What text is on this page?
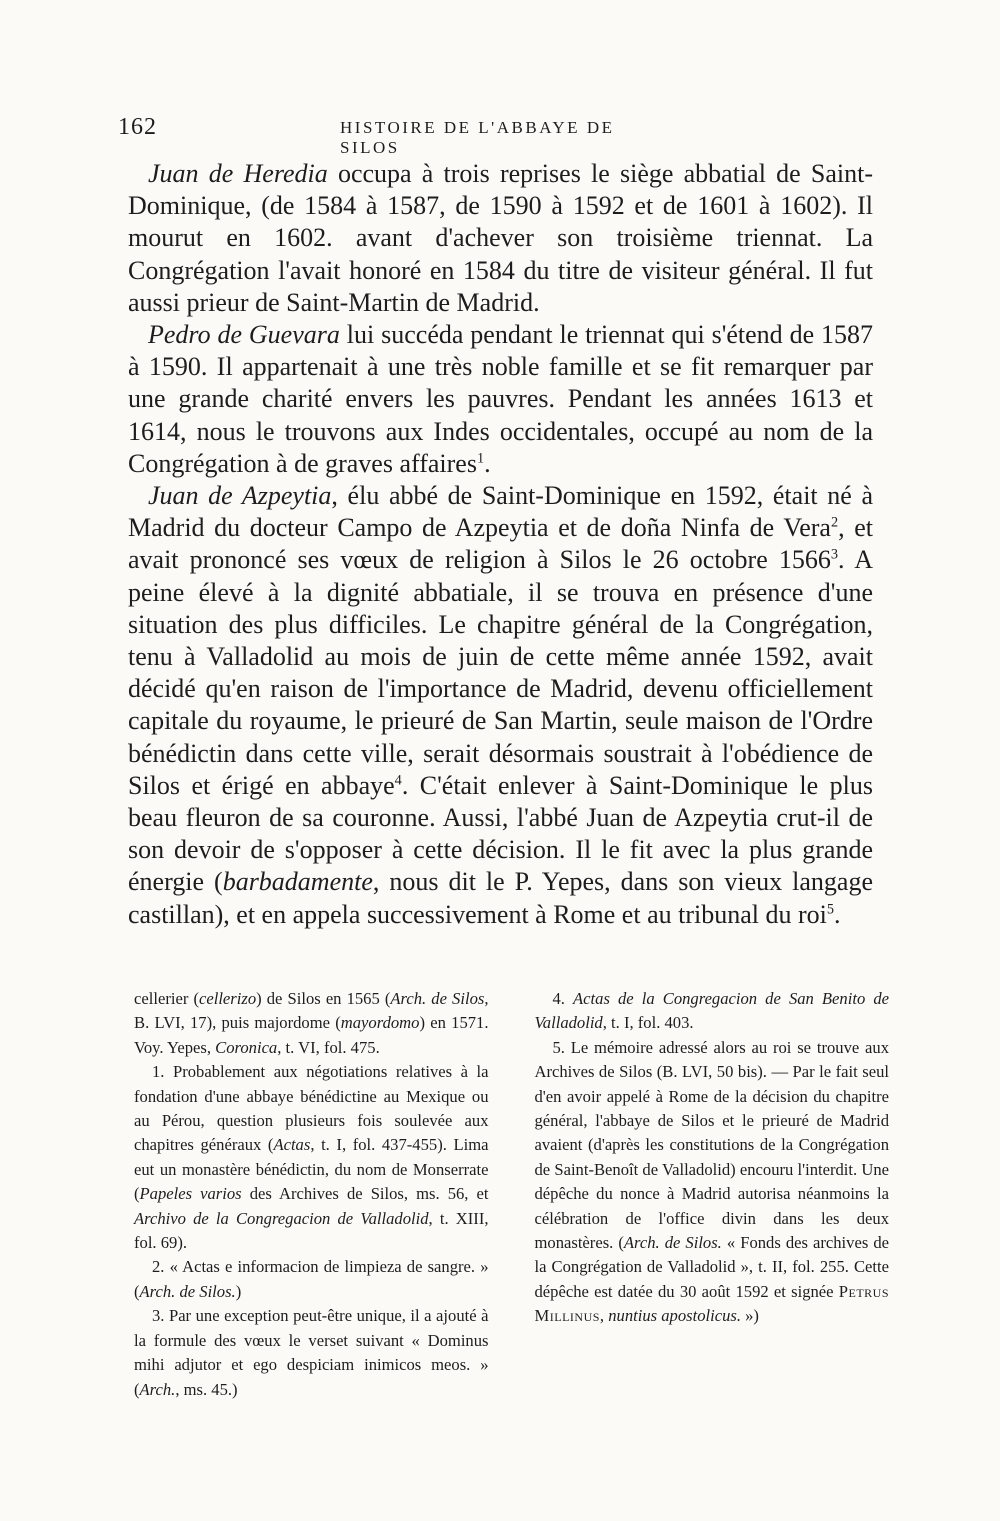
162	HISTOIRE DE L'ABBAYE DE SILOS

Juan de Heredia occupa à trois reprises le siège abbatial de Saint-Dominique, (de 1584 à 1587, de 1590 à 1592 et de 1601 à 1602). Il mourut en 1602. avant d'achever son troisième triennat. La Congrégation l'avait honoré en 1584 du titre de visiteur général. Il fut aussi prieur de Saint-Martin de Madrid.

Pedro de Guevara lui succéda pendant le triennat qui s'étend de 1587 à 1590. Il appartenait à une très noble famille et se fit remarquer par une grande charité envers les pauvres. Pendant les années 1613 et 1614, nous le trouvons aux Indes occidentales, occupé au nom de la Congrégation à de graves affaires$^1$.

Juan de Azpeytia, élu abbé de Saint-Dominique en 1592, était né à Madrid du docteur Campo de Azpeytia et de doña Ninfa de Vera$^2$, et avait prononcé ses vœux de religion à Silos le 26 octobre 1566$^3$. A peine élevé à la dignité abbatiale, il se trouva en présence d'une situation des plus difficiles. Le chapitre général de la Congrégation, tenu à Valladolid au mois de juin de cette même année 1592, avait décidé qu'en raison de l'importance de Madrid, devenu officiellement capitale du royaume, le prieuré de San Martin, seule maison de l'Ordre bénédictin dans cette ville, serait désormais soustrait à l'obédience de Silos et érigé en abbaye$^4$. C'était enlever à Saint-Dominique le plus beau fleuron de sa couronne. Aussi, l'abbé Juan de Azpeytia crut-il de son devoir de s'opposer à cette décision. Il le fit avec la plus grande énergie (barbadamente, nous dit le P. Yepes, dans son vieux langage castillan), et en appela successivement à Rome et au tribunal du roi$^5$.

cellerier (cellerizo) de Silos en 1565 (Arch. de Silos, B. LVI, 17), puis majordome (mayordomo) en 1571. Voy. Yepes, Coronica, t. VI, fol. 475.

1. Probablement aux négotiations relatives à la fondation d'une abbaye bénédictine au Mexique ou au Pérou, question plusieurs fois soulevée aux chapitres généraux (Actas, t. I, fol. 437-455). Lima eut un monastère bénédictin, du nom de Monserrate (Papeles varios des Archives de Silos, ms. 56, et Archivo de la Congregacion de Valladolid, t. XIII, fol. 69).

2. « Actas e informacion de limpieza de sangre. » (Arch. de Silos.)

3. Par une exception peut-être unique, il a ajouté à la formule des vœux le verset suivant « Dominus mihi adjutor et ego despiciam inimicos meos. » (Arch., ms. 45.)

4. Actas de la Congregacion de San Benito de Valladolid, t. I, fol. 403.

5. Le mémoire adressé alors au roi se trouve aux Archives de Silos (B. LVI, 50 bis). — Par le fait seul d'en avoir appelé à Rome de la décision du chapitre général, l'abbaye de Silos et le prieuré de Madrid avaient (d'après les constitutions de la Congrégation de Saint-Benoît de Valladolid) encouru l'interdit. Une dépêche du nonce à Madrid autorisa néanmoins la célébration de l'office divin dans les deux monastères. (Arch. de Silos. « Fonds des archives de la Congrégation de Valladolid », t. II, fol. 255. Cette dépêche est datée du 30 août 1592 et signée Petrus Millinus, nuntius apostolicus. »)
